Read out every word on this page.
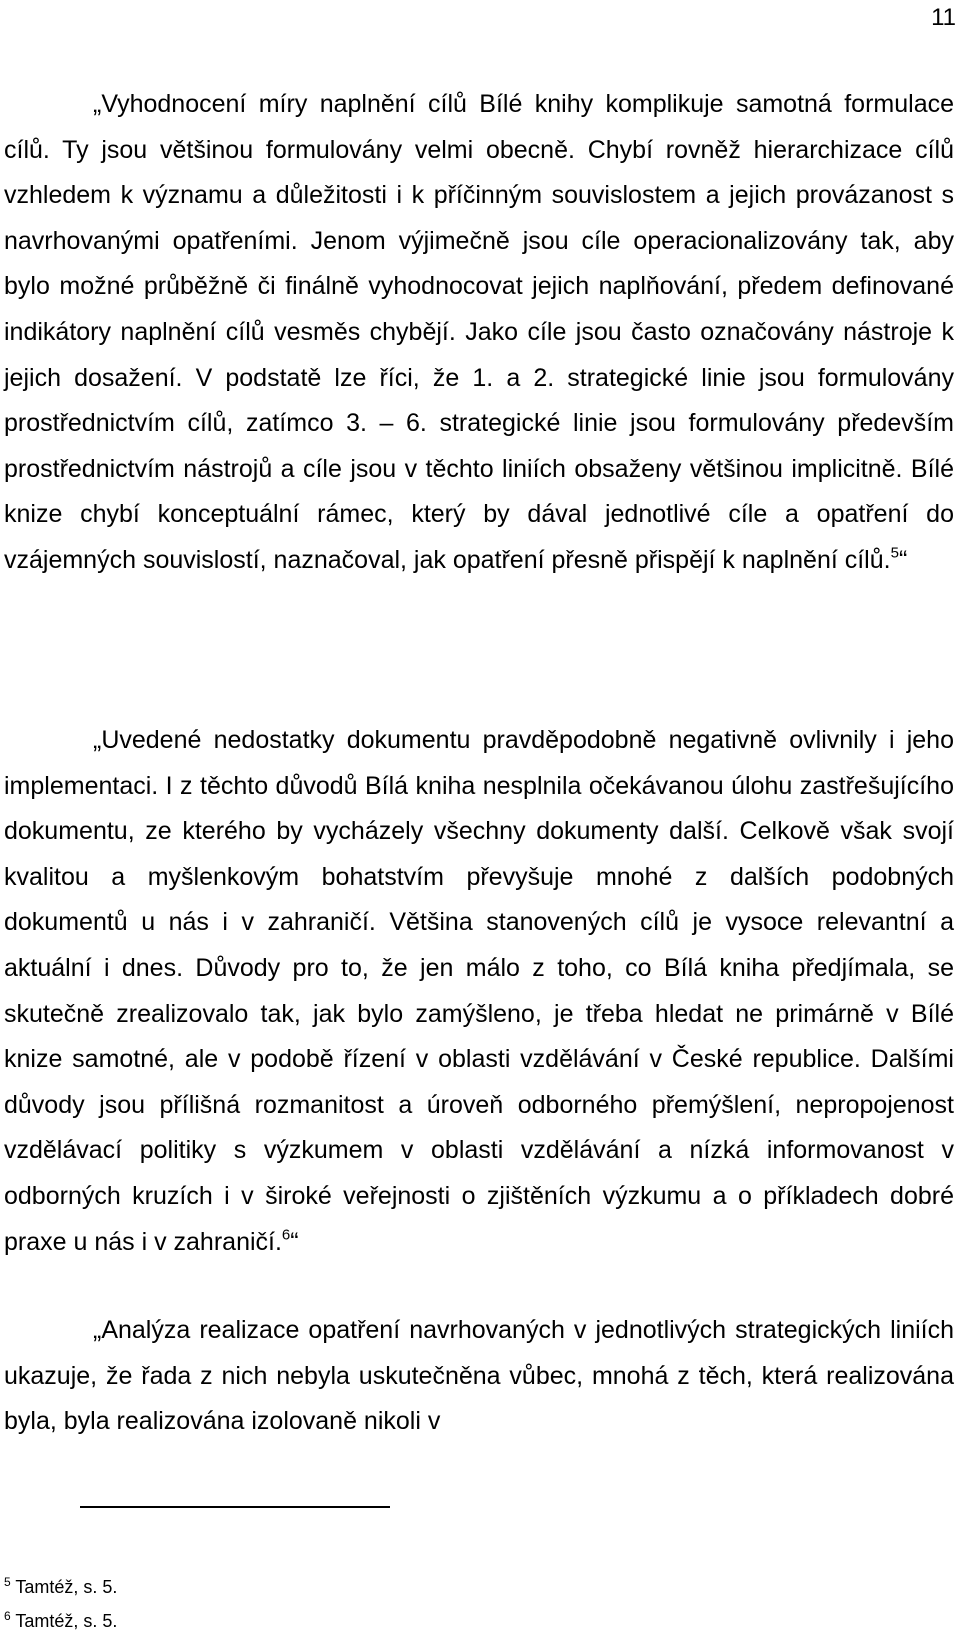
11

„Vyhodnocení míry naplnění cílů Bílé knihy komplikuje samotná formulace cílů. Ty jsou většinou formulovány velmi obecně. Chybí rovněž hierarchizace cílů vzhledem k významu a důležitosti i k příčinným souvislostem a jejich provázanost s navrhovanými opatřeními. Jenom výjimečně jsou cíle operacionalizovány tak, aby bylo možné průběžně či finálně vyhodnocovat jejich naplňování, předem definované indikátory naplnění cílů vesměs chybějí. Jako cíle jsou často označovány nástroje k jejich dosažení. V podstatě lze říci, že 1. a 2. strategické linie jsou formulovány prostřednictvím cílů, zatímco 3. – 6. strategické linie jsou formulovány především prostřednictvím nástrojů a cíle jsou v těchto liniích obsaženy většinou implicitně. Bílé knize chybí konceptuální rámec, který by dával jednotlivé cíle a opatření do vzájemných souvislostí, naznačoval, jak opatření přesně přispějí k naplnění cílů.$^5$“

„Uvedené nedostatky dokumentu pravděpodobně negativně ovlivnily i jeho implementaci. I z těchto důvodů Bílá kniha nesplnila očekávanou úlohu zastřešujícího dokumentu, ze kterého by vycházely všechny dokumenty další. Celkově však svojí kvalitou a myšlenkovým bohatstvím převyšuje mnohé z dalších podobných dokumentů u nás i v zahraničí. Většina stanovených cílů je vysoce relevantní a aktuální i dnes. Důvody pro to, že jen málo z toho, co Bílá kniha předjímala, se skutečně zrealizovalo tak, jak bylo zamýšleno, je třeba hledat ne primárně v Bílé knize samotné, ale v podobě řízení v oblasti vzdělávání v České republice. Dalšími důvody jsou přílišná rozmanitost a úroveň odborného přemýšlení, nepropojenost vzdělávací politiky s výzkumem v oblasti vzdělávání a nízká informovanost v odborných kruzích i v široké veřejnosti o zjištěních výzkumu a o příkladech dobré praxe u nás i v zahraničí.$^6$“

„Analýza realizace opatření navrhovaných v jednotlivých strategických liniích ukazuje, že řada z nich nebyla uskutečněna vůbec, mnohá z těch, která realizována byla, byla realizována izolovaně nikoli v

$^5$ Tamtéž, s. 5.
$^6$ Tamtéž, s. 5.
